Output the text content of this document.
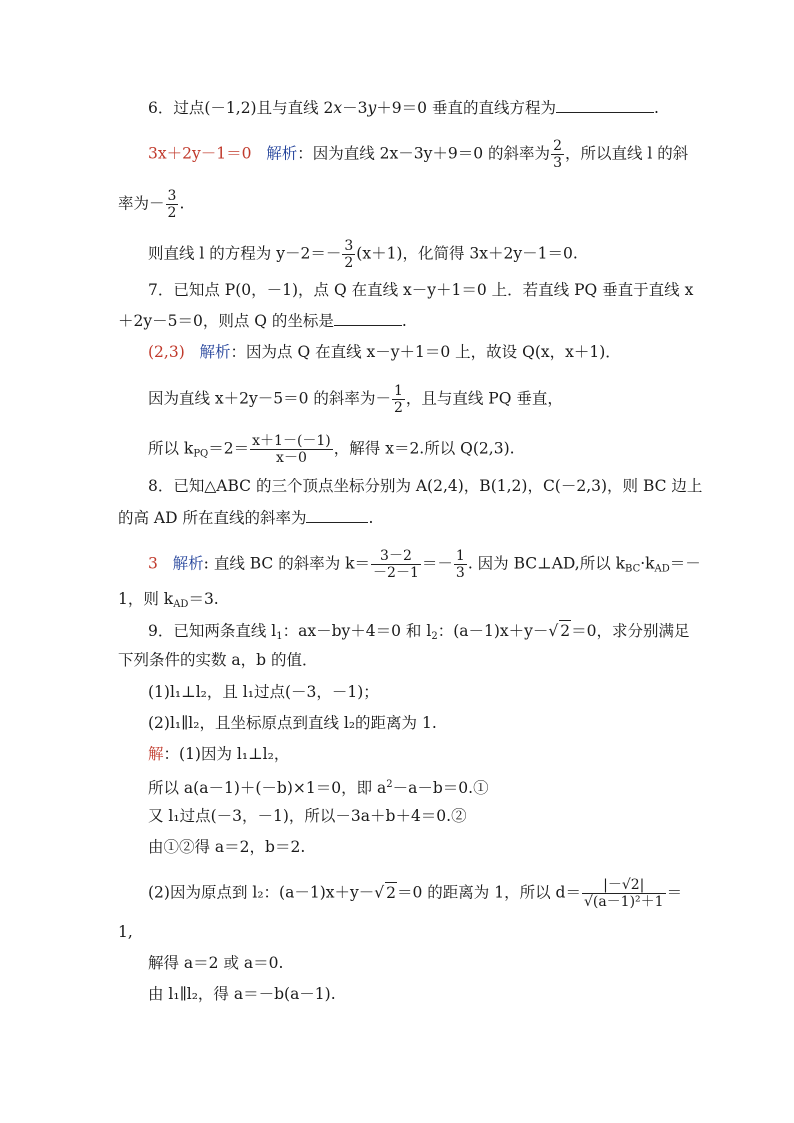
6．过点(－1,2)且与直线 2x－3y＋9＝0 垂直的直线方程为	.
3x＋2y－1＝0 解析：因为直线 2x－3y＋9＝0 的斜率为 $\frac{2}{3}$ ，所以直线 l 的斜
率为－ $\frac{3}{2}$ .
则直线 l 的方程为 $y-2=- \frac{3}{2} (x+1)$，化简得 3x＋2y－1＝0.
7．已知点 P(0，－1)，点 Q 在直线 x－y＋1＝0 上．若直线 PQ 垂直于直线 x
＋2y－5＝0，则点 Q 的坐标是	.
(2,3) 解析：因为点 Q 在直线 x－y＋1＝0 上，故设 Q(x，x＋1)．
因为直线 x＋2y－5＝0 的斜率为－ $\frac{1}{2}$ ，且与直线 PQ 垂直，
所以 $k_{PQ}=2= \frac{x+1-(-1)}{x-0}$ ，解得 x＝2.所以 Q(2,3).
8．已知△ABC 的三个顶点坐标分别为 A(2,4)，B(1,2)，C(－2,3)，则 BC 边上
的高 AD 所在直线的斜率为	.
3 解析: 直线 BC 的斜率为 $k= \frac{3-2}{-2-1} =- \frac{1}{3}$ . 因为 BC⊥AD,所以 $k_{BC}\cdot k_{AD}=-$
1，则 $k_{AD}=3$.
9．已知两条直线 $l_1$：ax－by＋4＝0 和 $l_2$：(a－1)x＋y－√ 2＝0，求分别满足
下列条件的实数 a，b 的值．
(1)l₁⊥l₂，且 l₁过点(－3，－1)；
(2)l₁∥l₂，且坐标原点到直线 l₂的距离为 1.
解：(1)因为 l₁⊥l₂，
所以 a(a－1)＋(－b)×1＝0，即 $a^2-a-b=0.①$
又 l₁过点(－3，－1)，所以－3a＋b＋4＝0.②
由①②得 a＝2，b＝2.
(2)因为原点到 l₂：(a－1)x＋y－√ 2＝0 的距离为 1，所以 $d= \frac{|-√2|}{\text{√(a－1)²＋1}}$ ＝
1,
解得 a＝2 或 a＝0.
由 l₁∥l₂，得 a＝－b(a－1).
